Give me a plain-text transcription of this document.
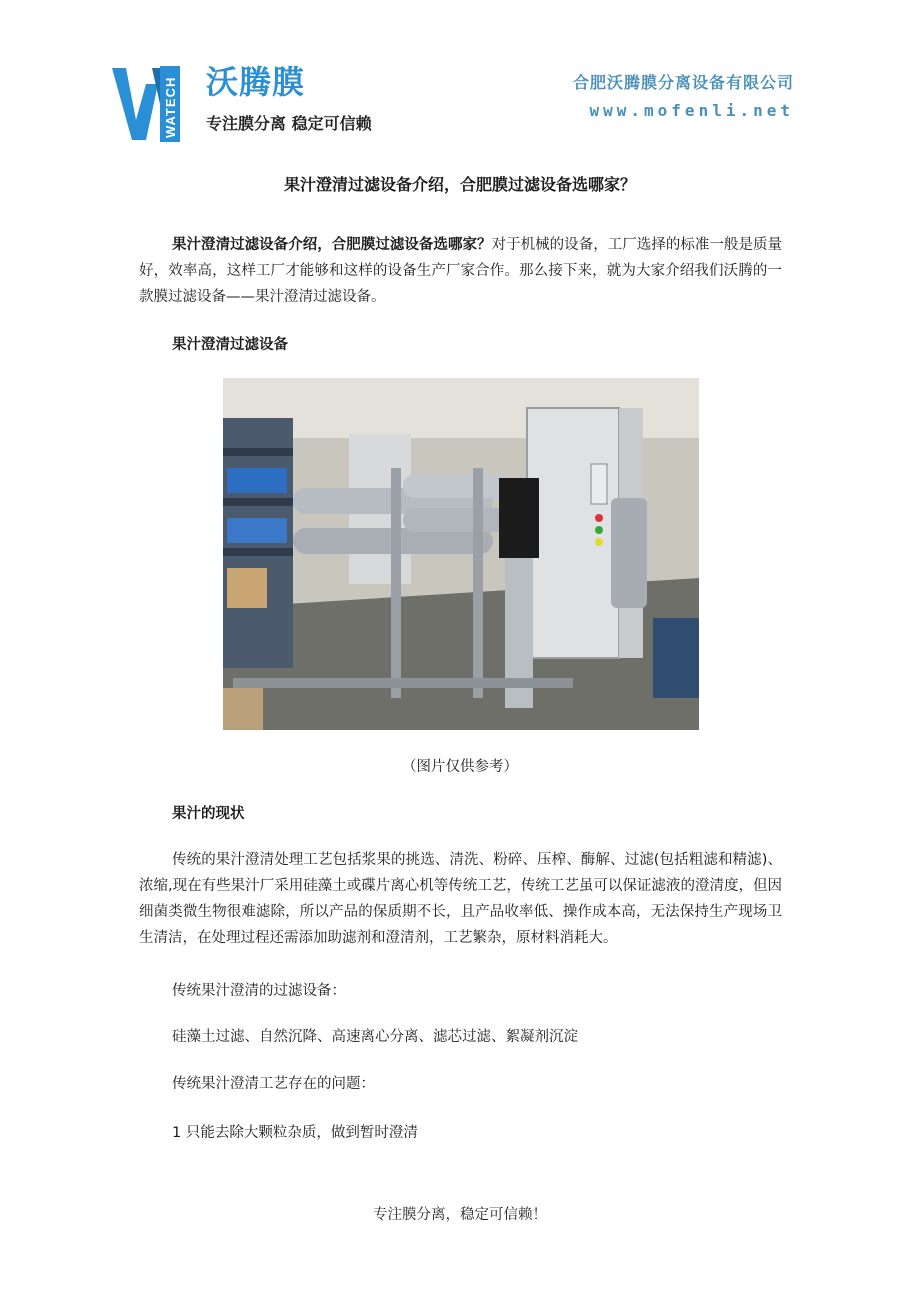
WATECH 沃腾膜
专注膜分离 稳定可信赖
合肥沃腾膜分离设备有限公司
www.mofenli.net
果汁澄清过滤设备介绍，合肥膜过滤设备选哪家？
果汁澄清过滤设备介绍，合肥膜过滤设备选哪家？对于机械的设备，工厂选择的标准一般是质量好，效率高，这样工厂才能够和这样的设备生产厂家合作。那么接下来，就为大家介绍我们沃腾的一款膜过滤设备——果汁澄清过滤设备。
果汁澄清过滤设备
（图片仅供参考）
果汁的现状
传统的果汁澄清处理工艺包括浆果的挑选、清洗、粉碎、压榨、酶解、过滤(包括粗滤和精滤)、浓缩,现在有些果汁厂采用硅藻土或碟片离心机等传统工艺，传统工艺虽可以保证滤液的澄清度，但因细菌类微生物很难滤除，所以产品的保质期不长，且产品收率低、操作成本高，无法保持生产现场卫生清洁，在处理过程还需添加助滤剂和澄清剂，工艺繁杂，原材料消耗大。
传统果汁澄清的过滤设备：
硅藻土过滤、自然沉降、高速离心分离、滤芯过滤、絮凝剂沉淀
传统果汁澄清工艺存在的问题：
1 只能去除大颗粒杂质，做到暂时澄清
专注膜分离，稳定可信赖！
